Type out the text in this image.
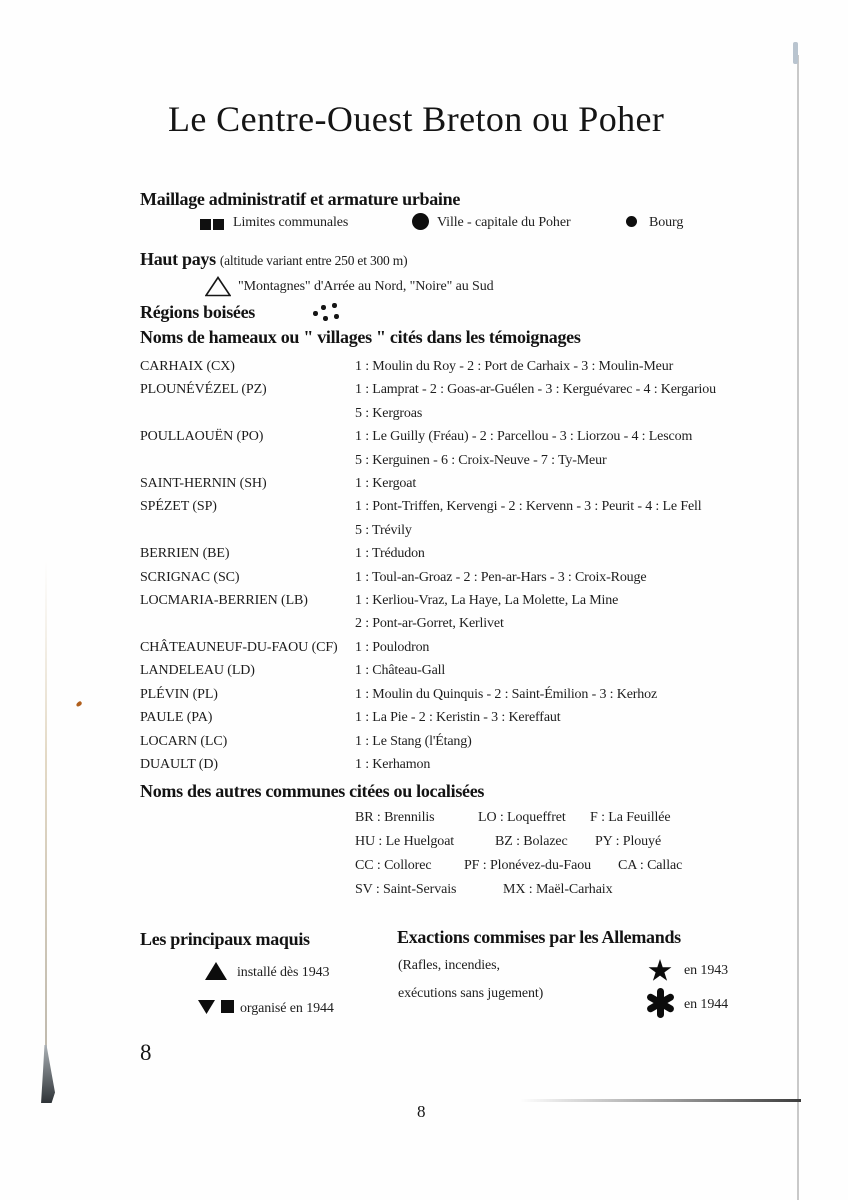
Le Centre-Ouest Breton ou Poher
Maillage administratif et armature urbaine
Limites communales	Ville - capitale du Poher	Bourg
Haut pays (altitude variant entre 250 et 300 m)
"Montagnes" d'Arrée au Nord, "Noire" au Sud
Régions boisées
Noms de hameaux ou " villages " cités dans les témoignages
CARHAIX (CX)	1 : Moulin du Roy - 2 : Port de Carhaix - 3 : Moulin-Meur
PLOUNÉVÉZEL (PZ)	1 : Lamprat - 2 : Goas-ar-Guélen - 3 : Kerguévarec - 4 : Kergariou
5 : Kergroas
POULLAOUËN (PO)	1 : Le Guilly (Fréau) - 2 : Parcellou - 3 : Liorzou - 4 : Lescom
5 : Kerguinen - 6 : Croix-Neuve - 7 : Ty-Meur
SAINT-HERNIN (SH)	1 : Kergoat
SPÉZET (SP)	1 : Pont-Triffen, Kervengi - 2 : Kervenn - 3 : Peurit - 4 : Le Fell
5 : Trévily
BERRIEN (BE)	1 : Trédudon
SCRIGNAC (SC)	1 : Toul-an-Groaz - 2 : Pen-ar-Hars - 3 : Croix-Rouge
LOCMARIA-BERRIEN (LB)	1 : Kerliou-Vraz, La Haye, La Molette, La Mine
2 : Pont-ar-Gorret, Kerlivet
CHÂTEAUNEUF-DU-FAOU (CF)	1 : Poulodron
LANDELEAU (LD)	1 : Château-Gall
PLÉVIN (PL)	1 : Moulin du Quinquis - 2 : Saint-Émilion - 3 : Kerhoz
PAULE (PA)	1 : La Pie - 2 : Keristin - 3 : Kereffaut
LOCARN (LC)	1 : Le Stang (l'Étang)
DUAULT (D)	1 : Kerhamon
Noms des autres communes citées ou localisées
BR : Brennilis	LO : Loqueffret F : La Feuillée
HU : Le Huelgoat	BZ : Bolazec PY : Plouyé
CC : Collorec PF : Plonévez-du-Faou CA : Callac
SV : Saint-Servais	MX : Maël-Carhaix
Les principaux maquis
installé dès 1943
organisé en 1944
Exactions commises par les Allemands
(Rafles, incendies,
exécutions sans jugement)
en 1943
en 1944
8
8
